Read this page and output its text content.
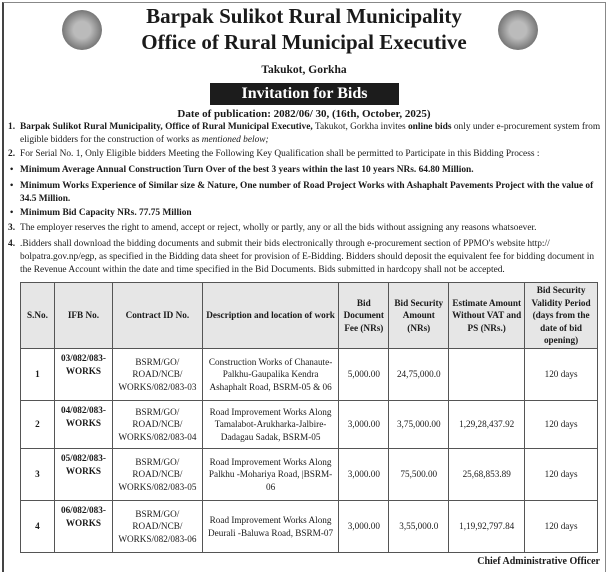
Barpak Sulikot Rural Municipality
Office of Rural Municipal Executive
Takukot, Gorkha
Invitation for Bids
Date of publication: 2082/06/ 30, (16th, October, 2025)
1. Barpak Sulikot Rural Municipality, Office of Rural Municipal Executive, Takukot, Gorkha invites online bids only under e-procurement system from eligible bidders for the construction of works as mentioned below;
2. For Serial No. 1, Only Eligible bidders Meeting the Following Key Qualification shall be permitted to Participate in this Bidding Process :
• Minimum Average Annual Construction Turn Over of the best 3 years within the last 10 years NRs. 64.80 Million.
• Minimum Works Experience of Similar size & Nature, One number of Road Project Works with Ashaphalt Pavements Project with the value of 34.5 Million.
• Minimum Bid Capacity NRs. 77.75 Million
3. The employer reserves the right to amend, accept or reject, wholly or partly, any or all the bids without assigning any reasons whatsoever.
4. .Bidders shall download the bidding documents and submit their bids electronically through e-procurement section of PPMO's website http:// bolpatra.gov.np/egp, as specified in the Bidding data sheet for provision of E-Bidding. Bidders should deposit the equivalent fee for bidding document in the Revenue Account within the date and time specified in the Bid Documents. Bids submitted in hardcopy shall not be accepted.
S.No.	IFB No.	Contract ID No.	Description and location of work	Bid Document Fee (NRs)	Bid Security Amount (NRs)	Estimate Amount Without VAT and PS (NRs.)	Bid Security Validity Period (days from the date of bid opening)
1	03/082/083-WORKS	BSRM/GO/ ROAD/NCB/ WORKS/082/083-03	Construction Works of Chanaute-Palkhu-Gaupalika Kendra Ashaphalt Road, BSRM-05 & 06	5,000.00	24,75,000.0		120 days
2	04/082/083-WORKS	BSRM/GO/ ROAD/NCB/ WORKS/082/083-04	Road Improvement Works Along Tamalabot-Arukharka-Jalbire-Dadagau Sadak, BSRM-05	3,000.00	3,75,000.00	1,29,28,437.92	120 days
3	05/082/083-WORKS	BSRM/GO/ ROAD/NCB/ WORKS/082/083-05	Road Improvement Works Along Palkhu -Mohariya Road, |BSRM-06	3,000.00	75,500.00	25,68,853.89	120 days
4	06/082/083-WORKS	BSRM/GO/ ROAD/NCB/ WORKS/082/083-06	Road Improvement Works Along Deurali -Baluwa Road, BSRM-07	3,000.00	3,55,000.0	1,19,92,797.84	120 days
Chief Administrative Officer
